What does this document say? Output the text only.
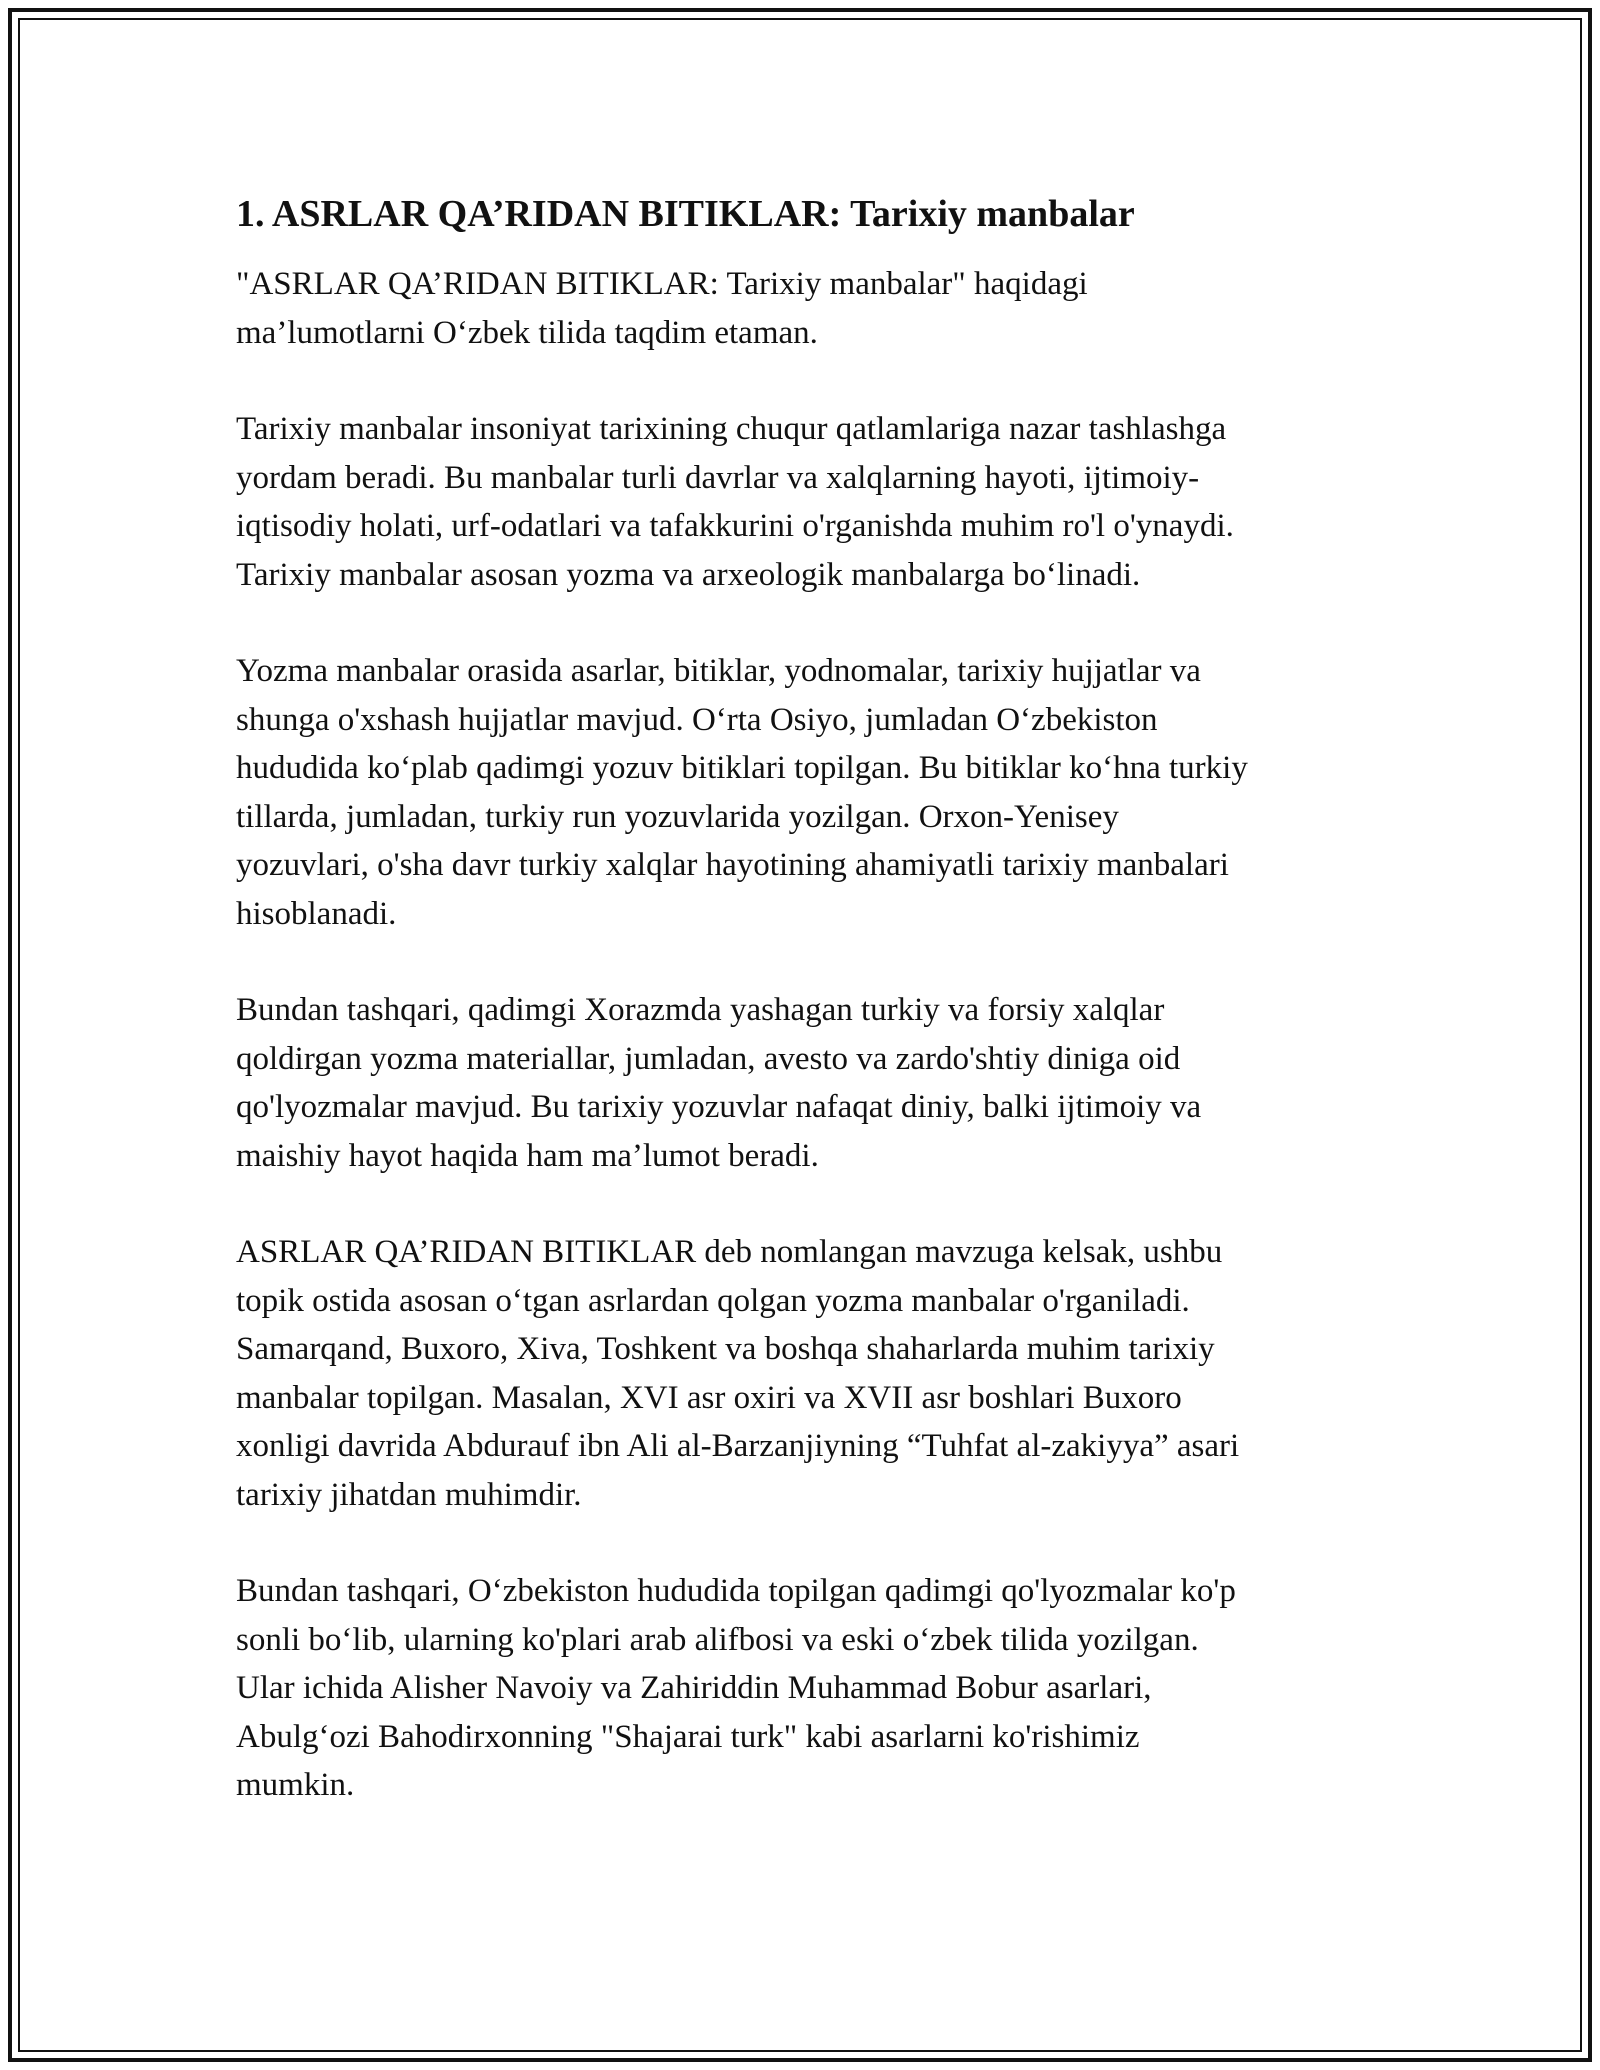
1. ASRLAR QA’RIDAN BITIKLAR: Tarixiy manbalar
"ASRLAR QA’RIDAN BITIKLAR: Tarixiy manbalar" haqidagi
ma’lumotlarni O‘zbek tilida taqdim etaman.
Tarixiy manbalar insoniyat tarixining chuqur qatlamlariga nazar tashlashga
yordam beradi. Bu manbalar turli davrlar va xalqlarning hayoti, ijtimoiy-
iqtisodiy holati, urf-odatlari va tafakkurini o'rganishda muhim ro'l o'ynaydi.
Tarixiy manbalar asosan yozma va arxeologik manbalarga bo‘linadi.
Yozma manbalar orasida asarlar, bitiklar, yodnomalar, tarixiy hujjatlar va
shunga o'xshash hujjatlar mavjud. O‘rta Osiyo, jumladan O‘zbekiston
hududida ko‘plab qadimgi yozuv bitiklari topilgan. Bu bitiklar ko‘hna turkiy
tillarda, jumladan, turkiy run yozuvlarida yozilgan. Orxon-Yenisey
yozuvlari, o'sha davr turkiy xalqlar hayotining ahamiyatli tarixiy manbalari
hisoblanadi.
Bundan tashqari, qadimgi Xorazmda yashagan turkiy va forsiy xalqlar
qoldirgan yozma materiallar, jumladan, avesto va zardo'shtiy diniga oid
qo'lyozmalar mavjud. Bu tarixiy yozuvlar nafaqat diniy, balki ijtimoiy va
maishiy hayot haqida ham ma’lumot beradi.
ASRLAR QA’RIDAN BITIKLAR deb nomlangan mavzuga kelsak, ushbu
topik ostida asosan o‘tgan asrlardan qolgan yozma manbalar o'rganiladi.
Samarqand, Buxoro, Xiva, Toshkent va boshqa shaharlarda muhim tarixiy
manbalar topilgan. Masalan, XVI asr oxiri va XVII asr boshlari Buxoro
xonligi davrida Abdurauf ibn Ali al-Barzanjiyning “Tuhfat al-zakiyya” asari
tarixiy jihatdan muhimdir.
Bundan tashqari, O‘zbekiston hududida topilgan qadimgi qo'lyozmalar ko'p
sonli bo‘lib, ularning ko'plari arab alifbosi va eski o‘zbek tilida yozilgan.
Ular ichida Alisher Navoiy va Zahiriddin Muhammad Bobur asarlari,
Abulg‘ozi Bahodirxonning "Shajarai turk" kabi asarlarni ko'rishimiz
mumkin.
